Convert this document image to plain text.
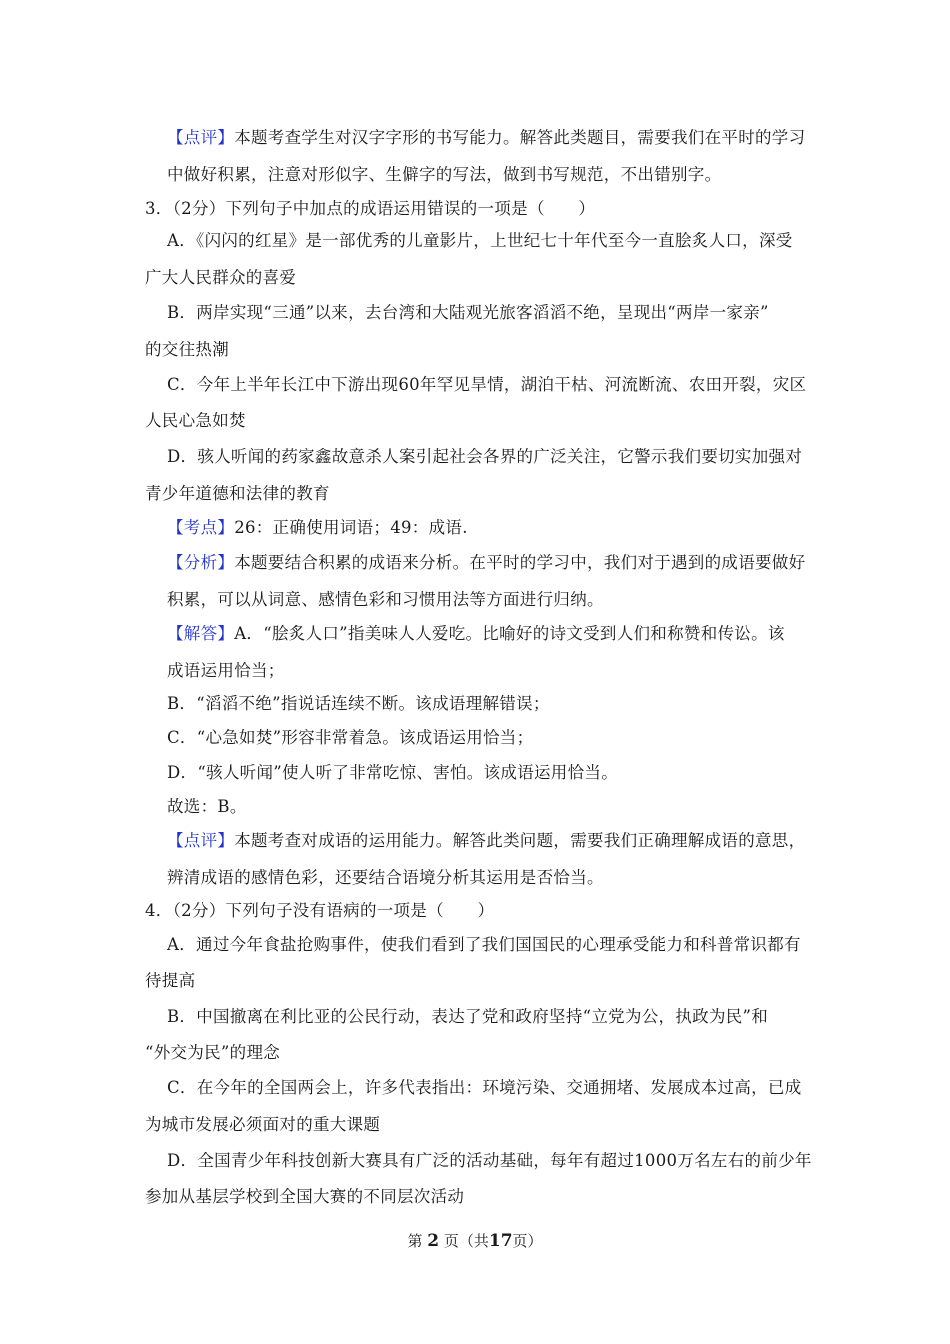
【点评】本题考查学生对汉字字形的书写能力。解答此类题目，需要我们在平时的学习
中做好积累，注意对形似字、生僻字的写法，做到书写规范，不出错别字。
3．（2分）下列句子中加点的成语运用错误的一项是（　　）
A．《闪闪的红星》是一部优秀的儿童影片，上世纪七十年代至今一直脍炙人口，深受
广大人民群众的喜爱
B．两岸实现“三通”以来，去台湾和大陆观光旅客滔滔不绝，呈现出“两岸一家亲”
的交往热潮
C．今年上半年长江中下游出现60年罕见旱情，湖泊干枯、河流断流、农田开裂，灾区
人民心急如焚
D．骇人听闻的药家鑫故意杀人案引起社会各界的广泛关注，它警示我们要切实加强对
青少年道德和法律的教育
【考点】26：正确使用词语；49：成语.
【分析】本题要结合积累的成语来分析。在平时的学习中，我们对于遇到的成语要做好
积累，可以从词意、感情色彩和习惯用法等方面进行归纳。
【解答】A．“脍炙人口”指美味人人爱吃。比喻好的诗文受到人们和称赞和传讼。该
成语运用恰当；
B．“滔滔不绝”指说话连续不断。该成语理解错误；
C．“心急如焚”形容非常着急。该成语运用恰当；
D．“骇人听闻”使人听了非常吃惊、害怕。该成语运用恰当。
故选：B。
【点评】本题考查对成语的运用能力。解答此类问题，需要我们正确理解成语的意思，
辨清成语的感情色彩，还要结合语境分析其运用是否恰当。
4．（2分）下列句子没有语病的一项是（　　）
A．通过今年食盐抢购事件，使我们看到了我们国国民的心理承受能力和科普常识都有
待提高
B．中国撤离在利比亚的公民行动，表达了党和政府坚持“立党为公，执政为民”和
“外交为民”的理念
C．在今年的全国两会上，许多代表指出：环境污染、交通拥堵、发展成本过高，已成
为城市发展必须面对的重大课题
D．全国青少年科技创新大赛具有广泛的活动基础，每年有超过1000万名左右的前少年
参加从基层学校到全国大赛的不同层次活动
第 2 页（共17页）
